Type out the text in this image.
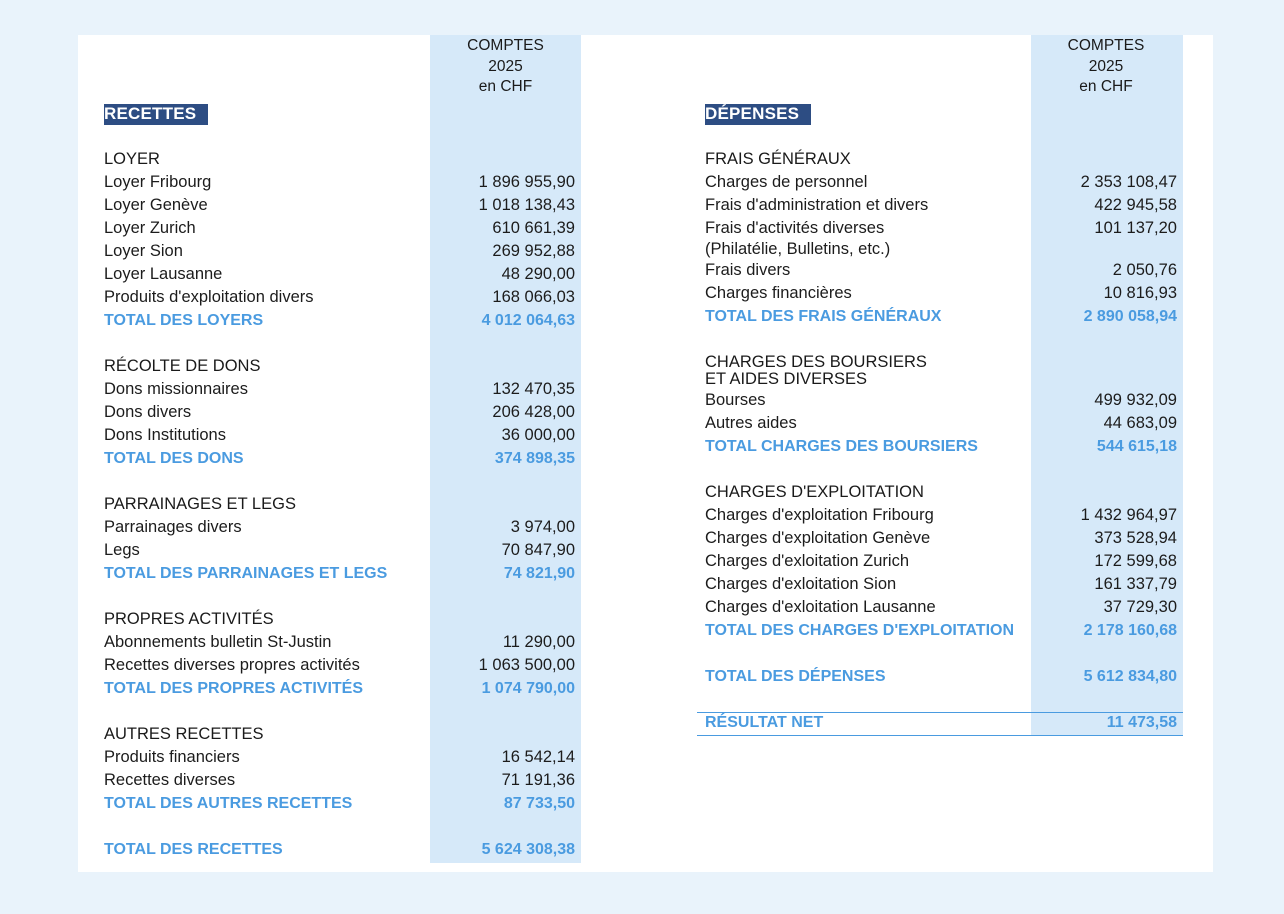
COMPTES
2025
en CHF
COMPTES
2025
en CHF
RECETTES	DÉPENSES
LOYER
Loyer Fribourg	1 896 955,90
Loyer Genève	1 018 138,43
Loyer Zurich	610 661,39
Loyer Sion	269 952,88
Loyer Lausanne	48 290,00
Produits d'exploitation divers	168 066,03
TOTAL DES LOYERS	4 012 064,63
RÉCOLTE DE DONS
Dons missionnaires	132 470,35
Dons divers	206 428,00
Dons Institutions	36 000,00
TOTAL DES DONS	374 898,35
PARRAINAGES ET LEGS
Parrainages divers	3 974,00
Legs	70 847,90
TOTAL DES PARRAINAGES ET LEGS	74 821,90
PROPRES ACTIVITÉS
Abonnements bulletin St-Justin	11 290,00
Recettes diverses propres activités	1 063 500,00
TOTAL DES PROPRES ACTIVITÉS	1 074 790,00
AUTRES RECETTES
Produits financiers	16 542,14
Recettes diverses	71 191,36
TOTAL DES AUTRES RECETTES	87 733,50
TOTAL DES RECETTES	5 624 308,38
FRAIS GÉNÉRAUX
Charges de personnel	2 353 108,47
Frais d'administration et divers	422 945,58
Frais d'activités diverses	101 137,20
(Philatélie, Bulletins, etc.)
Frais divers	2 050,76
Charges financières	10 816,93
TOTAL DES FRAIS GÉNÉRAUX	2 890 058,94
CHARGES DES BOURSIERS
ET AIDES DIVERSES
Bourses	499 932,09
Autres aides	44 683,09
TOTAL CHARGES DES BOURSIERS	544 615,18
CHARGES D'EXPLOITATION
Charges d'exploitation Fribourg	1 432 964,97
Charges d'exploitation Genève	373 528,94
Charges d'exloitation Zurich	172 599,68
Charges d'exloitation Sion	161 337,79
Charges d'exloitation Lausanne	37 729,30
TOTAL DES CHARGES D'EXPLOITATION	2 178 160,68
TOTAL DES DÉPENSES	5 612 834,80
RÉSULTAT NET	11 473,58
